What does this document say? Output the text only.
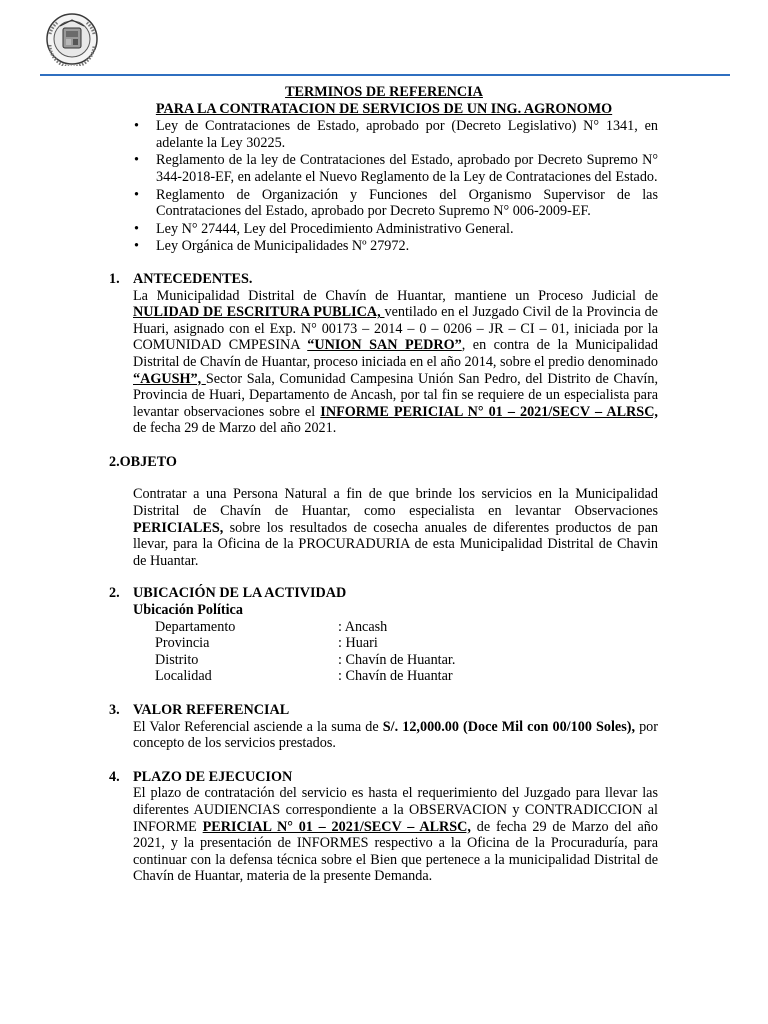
TERMINOS DE REFERENCIA
PARA LA CONTRATACION DE SERVICIOS DE UN ING. AGRONOMO
• Ley de Contrataciones de Estado, aprobado por (Decreto Legislativo) N° 1341, en adelante la Ley 30225.
• Reglamento de la ley de Contrataciones del Estado, aprobado por Decreto Supremo N° 344-2018-EF, en adelante el Nuevo Reglamento de la Ley de Contrataciones del Estado.
• Reglamento de Organización y Funciones del Organismo Supervisor de las Contrataciones del Estado, aprobado por Decreto Supremo N° 006-2009-EF.
• Ley N° 27444, Ley del Procedimiento Administrativo General.
• Ley Orgánica de Municipalidades Nº 27972.
1. ANTECEDENTES.
La Municipalidad Distrital de Chavín de Huantar, mantiene un Proceso Judicial de NULIDAD DE ESCRITURA PUBLICA, ventilado en el Juzgado Civil de la Provincia de Huari, asignado con el Exp. N° 00173 – 2014 – 0 – 0206 – JR – CI – 01, iniciada por la COMUNIDAD CMPESINA “UNION SAN PEDRO”, en contra de la Municipalidad Distrital de Chavín de Huantar, proceso iniciada en el año 2014, sobre el predio denominado “AGUSH”, Sector Sala, Comunidad Campesina Unión San Pedro, del Distrito de Chavín, Provincia de Huari, Departamento de Ancash, por tal fin se requiere de un especialista para levantar observaciones sobre el INFORME PERICIAL N° 01 – 2021/SECV – ALRSC, de fecha 29 de Marzo del año 2021.
2.OBJETO
Contratar a una Persona Natural a fin de que brinde los servicios en la Municipalidad Distrital de Chavín de Huantar, como especialista en levantar Observaciones PERICIALES, sobre los resultados de cosecha anuales de diferentes productos de pan llevar, para la Oficina de la PROCURADURIA de esta Municipalidad Distrital de Chavin de Huantar.
2. UBICACIÓN DE LA ACTIVIDAD
Ubicación Política
Departamento	: Ancash
Provincia	: Huari
Distrito	: Chavín de Huantar.
Localidad	: Chavín de Huantar
3. VALOR REFERENCIAL
El Valor Referencial asciende a la suma de S/. 12,000.00 (Doce Mil con 00/100 Soles), por concepto de los servicios prestados.
4. PLAZO DE EJECUCION
El plazo de contratación del servicio es hasta el requerimiento del Juzgado para llevar las diferentes AUDIENCIAS correspondiente a la OBSERVACION y CONTRADICCION al INFORME PERICIAL N° 01 – 2021/SECV – ALRSC, de fecha 29 de Marzo del año 2021, y la presentación de INFORMES respectivo a la Oficina de la Procuraduría, para continuar con la defensa técnica sobre el Bien que pertenece a la municipalidad Distrital de Chavín de Huantar, materia de la presente Demanda.
